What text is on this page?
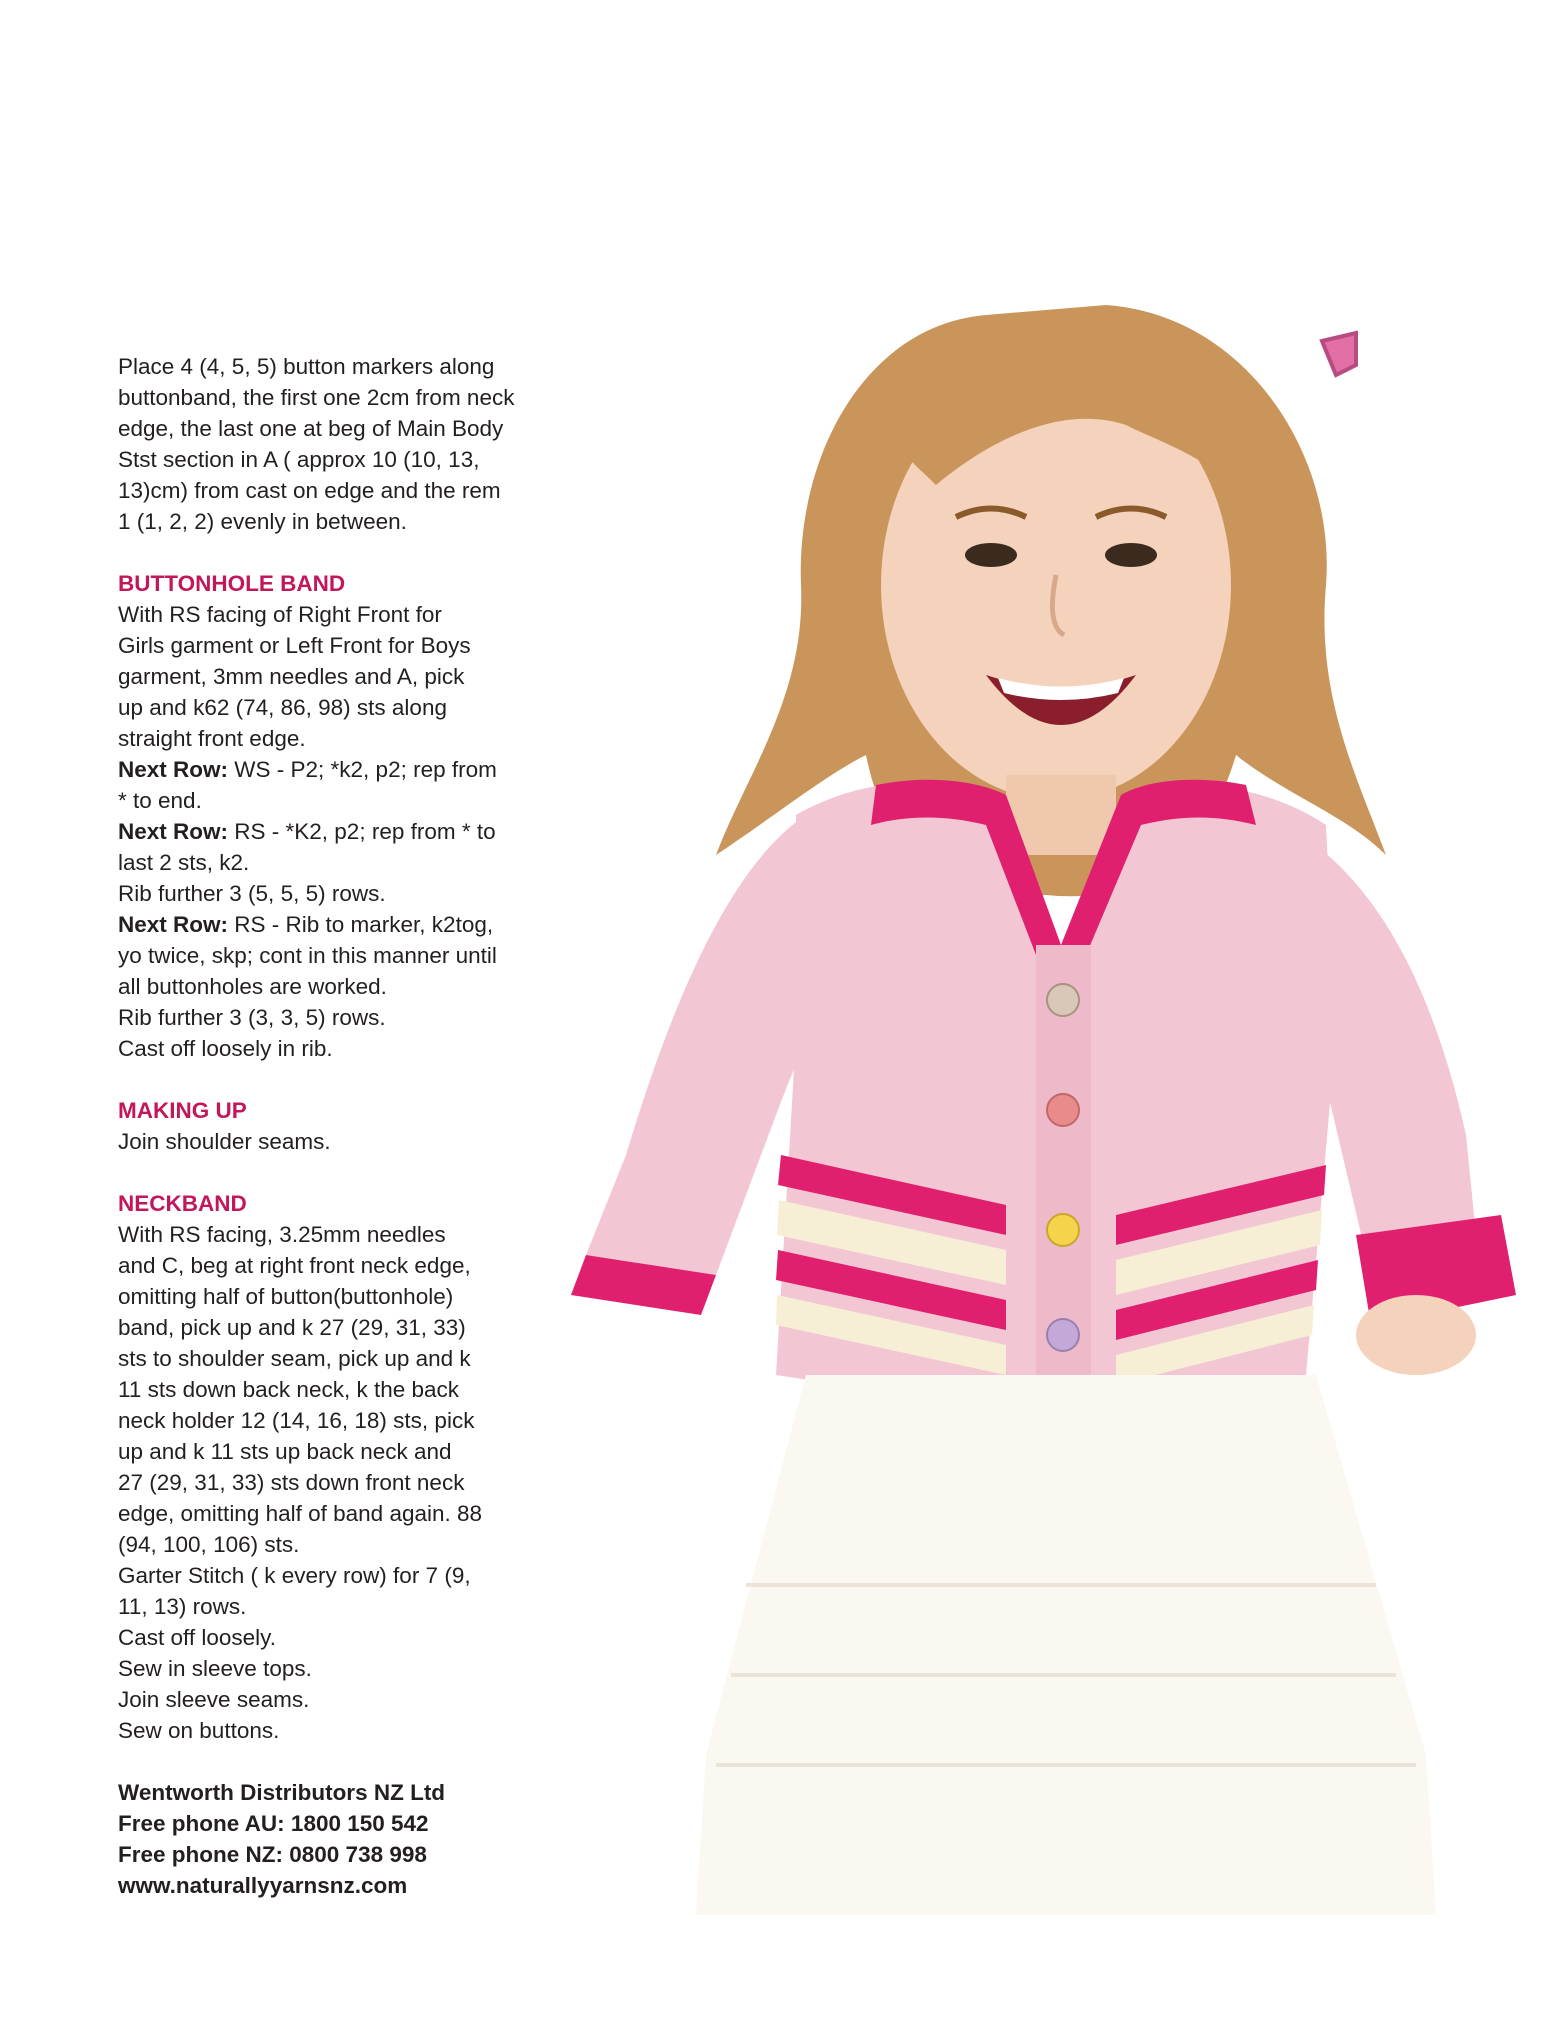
Place 4 (4, 5, 5) button markers along

buttonband, the first one 2cm from neck

edge, the last one at beg of Main Body

Stst section in A ( approx 10 (10, 13,

13)cm) from cast on edge and the rem

1 (1, 2, 2) evenly in between.

BUTTONHOLE BAND

With RS facing of Right Front for

Girls garment or Left Front for Boys

garment, 3mm needles and A, pick

up and k62 (74, 86, 98) sts along

straight front edge.

Next Row: WS - P2; *k2, p2; rep from

* to end.

Next Row: RS - *K2, p2; rep from * to

last 2 sts, k2.

Rib further 3 (5, 5, 5) rows.

Next Row: RS - Rib to marker, k2tog,

yo twice, skp; cont in this manner until

all buttonholes are worked.

Rib further 3 (3, 3, 5) rows.

Cast off loosely in rib.

MAKING UP

Join shoulder seams.

NECKBAND

With RS facing, 3.25mm needles

and C, beg at right front neck edge,

omitting half of button(buttonhole)

band, pick up and k 27 (29, 31, 33)

sts to shoulder seam, pick up and k

11 sts down back neck, k the back

neck holder 12 (14, 16, 18) sts, pick

up and k 11 sts up back neck and

27 (29, 31, 33) sts down front neck

edge, omitting half of band again. 88

(94, 100, 106) sts.

Garter Stitch ( k every row) for 7 (9,

11, 13) rows.

Cast off loosely.

Sew in sleeve tops.

Join sleeve seams.

Sew on buttons.

Wentworth Distributors NZ Ltd

Free phone AU: 1800 150 542

Free phone NZ: 0800 738 998

www.naturallyyarnsnz.com
